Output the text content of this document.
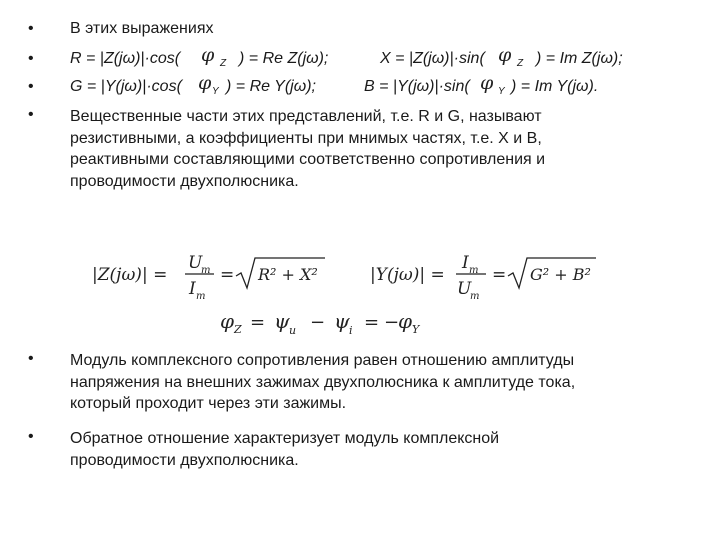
•
•
•
•
•
•
В этих выражениях
R = |Z(jω)|·cos( φ Z ) = Re Z(jω);	X = |Z(jω)|·sin( φ Z ) = Im Z(jω);
G = |Y(jω)|·cos( φ Y ) = Re Y(jω);	B = |Y(jω)|·sin( φ Y ) = Im Y(jω).
Вещественные части этих представлений, т.е. R и G, называют
резистивными, а коэффициенты при мнимых частях, т.е. X и B,
реактивными составляющими соответственно сопротивления и
проводимости двухполюсника.
|Z(jω)| =
U
m
I m
= R² + X²	|Y(jω)| =
I m
U
m
= G² + B²
φ Z = ψ u − ψ i = −
φ Y
Модуль комплексного сопротивления равен отношению амплитуды
напряжения на внешних зажимах двухполюсника к амплитуде тока,
который проходит через эти зажимы.
Обратное отношение характеризует модуль комплексной
проводимости двухполюсника.
